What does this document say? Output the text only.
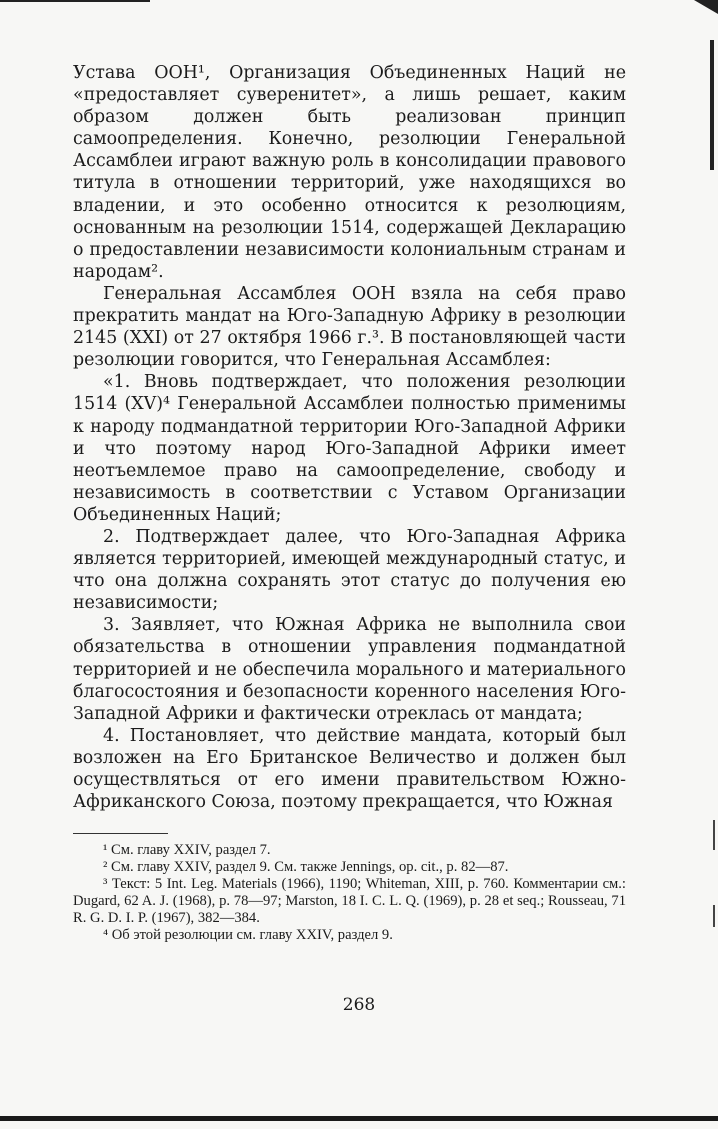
Устава ООН¹, Организация Объединенных Наций не «предоставляет суверенитет», а лишь решает, каким образом должен быть реализован принцип самоопределения. Конечно, резолюции Генеральной Ассамблеи играют важную роль в консолидации правового титула в отношении территорий, уже находящихся во владении, и это особенно относится к резолюциям, основанным на резолюции 1514, содержащей Декларацию о предоставлении независимости колониальным странам и народам².

Генеральная Ассамблея ООН взяла на себя право прекратить мандат на Юго-Западную Африку в резолюции 2145 (XXI) от 27 октября 1966 г.³. В постановляющей части резолюции говорится, что Генеральная Ассамблея:

«1. Вновь подтверждает, что положения резолюции 1514 (XV)⁴ Генеральной Ассамблеи полностью применимы к народу подмандатной территории Юго-Западной Африки и что поэтому народ Юго-Западной Африки имеет неотъемлемое право на самоопределение, свободу и независимость в соответствии с Уставом Организации Объединенных Наций;

2. Подтверждает далее, что Юго-Западная Африка является территорией, имеющей международный статус, и что она должна сохранять этот статус до получения ею независимости;

3. Заявляет, что Южная Африка не выполнила свои обязательства в отношении управления подмандатной территорией и не обеспечила морального и материального благосостояния и безопасности коренного населения Юго-Западной Африки и фактически отреклась от мандата;

4. Постановляет, что действие мандата, который был возложен на Его Британское Величество и должен был осуществляться от его имени правительством Южно-Африканского Союза, поэтому прекращается, что Южная

¹ См. главу XXIV, раздел 7.

² См. главу XXIV, раздел 9. См. также Jennings, op. cit., p. 82—87.

³ Текст: 5 Int. Leg. Materials (1966), 1190; Whiteman, XIII, p. 760. Комментарии см.: Dugard, 62 A. J. (1968), p. 78—97; Marston, 18 I. C. L. Q. (1969), p. 28 et seq.; Rousseau, 71 R. G. D. I. P. (1967), 382—384.

⁴ Об этой резолюции см. главу XXIV, раздел 9.

268
